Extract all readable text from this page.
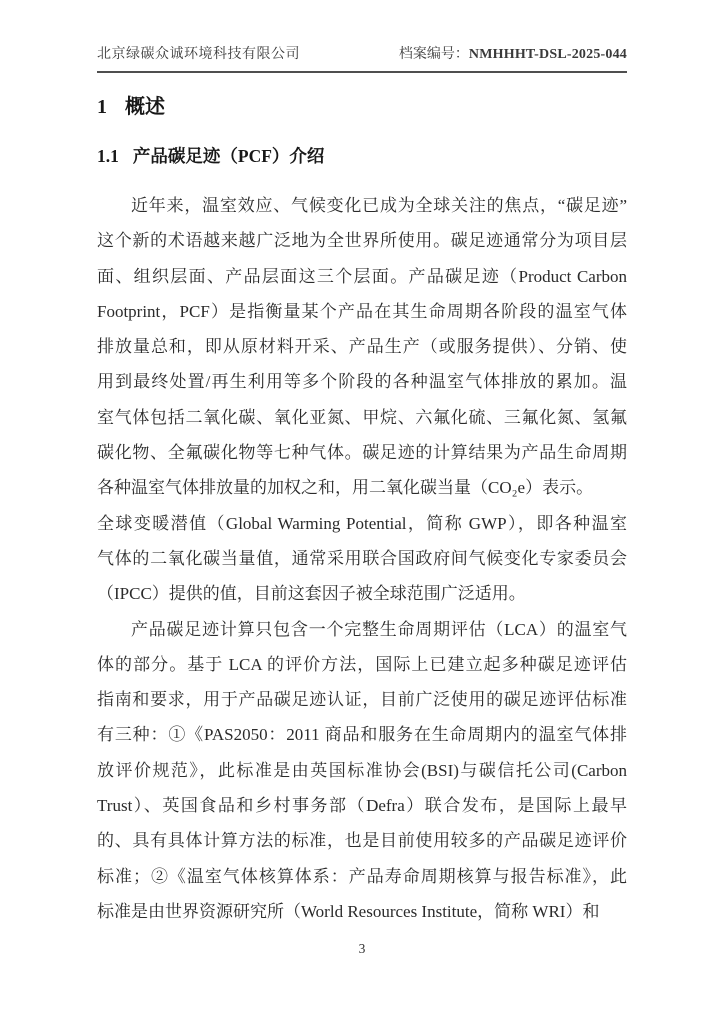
北京绿碳众诚环境科技有限公司	档案编号：NMHHHT-DSL-2025-044
1 概述
1.1 产品碳足迹（PCF）介绍
近年来，温室效应、气候变化已成为全球关注的焦点，“碳足迹”
这个新的术语越来越广泛地为全世界所使用。碳足迹通常分为项目层
面、组织层面、产品层面这三个层面。产品碳足迹（Product Carbon
Footprint，PCF）是指衡量某个产品在其生命周期各阶段的温室气体
排放量总和，即从原材料开采、产品生产（或服务提供）、分销、使
用到最终处置/再生利用等多个阶段的各种温室气体排放的累加。温
室气体包括二氧化碳、氧化亚氮、甲烷、六氟化硫、三氟化氮、氢氟
碳化物、全氟碳化物等七种气体。碳足迹的计算结果为产品生命周期
各种温室气体排放量的加权之和，用二氧化碳当量（CO₂e）表示。
全球变暖潜值（Global Warming Potential，简称 GWP），即各种温室
气体的二氧化碳当量值，通常采用联合国政府间气候变化专家委员会
（IPCC）提供的值，目前这套因子被全球范围广泛适用。
产品碳足迹计算只包含一个完整生命周期评估（LCA）的温室气
体的部分。基于 LCA 的评价方法，国际上已建立起多种碳足迹评估
指南和要求，用于产品碳足迹认证，目前广泛使用的碳足迹评估标准
有三种：①《PAS2050：2011 商品和服务在生命周期内的温室气体排
放评价规范》，此标准是由英国标准协会(BSI)与碳信托公司(Carbon
Trust）、英国食品和乡村事务部（Defra）联合发布，是国际上最早
的、具有具体计算方法的标准，也是目前使用较多的产品碳足迹评价
标准；②《温室气体核算体系：产品寿命周期核算与报告标准》，此
标准是由世界资源研究所（World Resources Institute，简称 WRI）和
3
